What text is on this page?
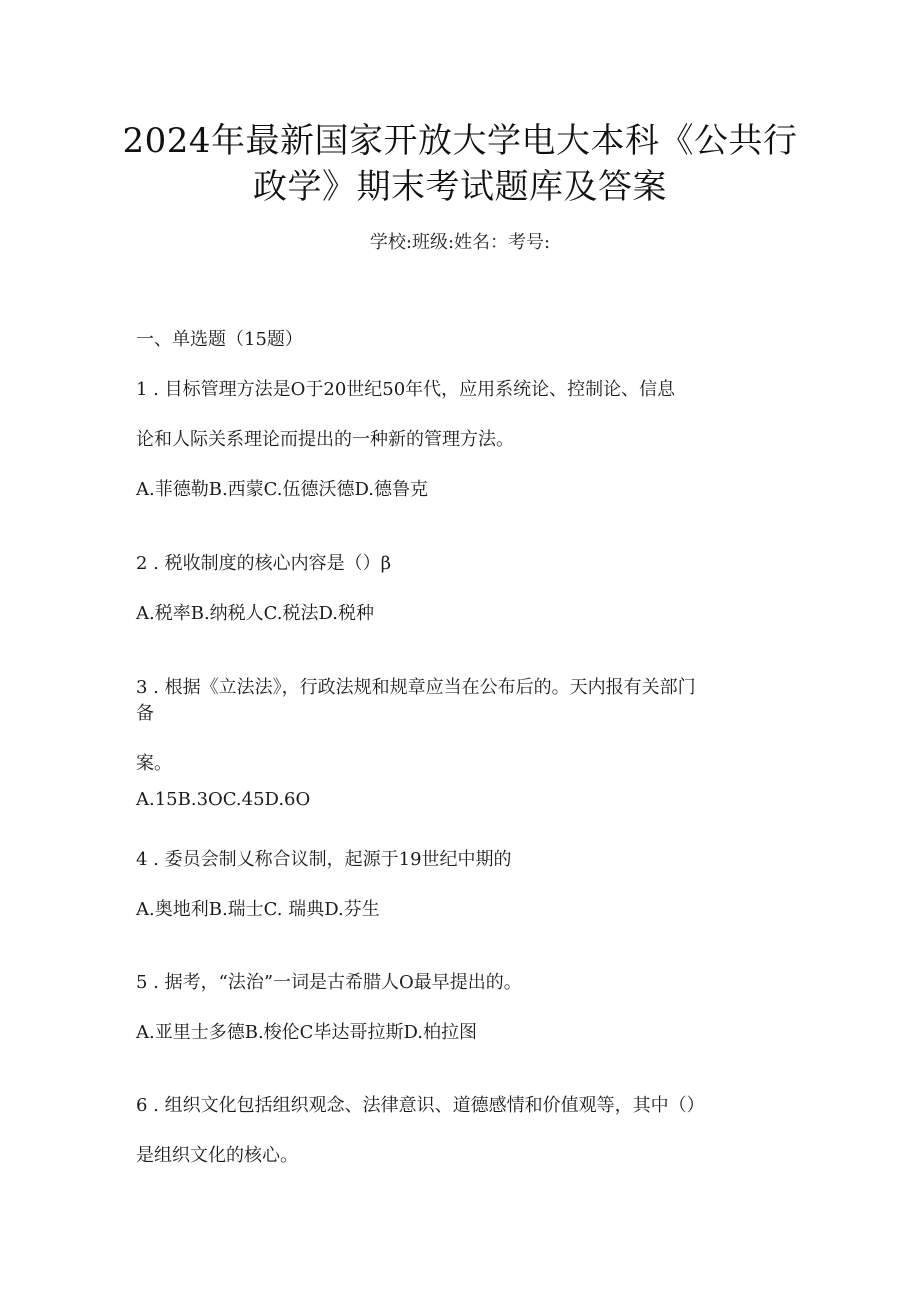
2024年最新国家开放大学电大本科《公共行
政学》期末考试题库及答案
学校:班级:姓名：考号:
一、单选题（15题）
1 . 目标管理方法是O于20世纪50年代，应用系统论、控制论、信息
论和人际关系理论而提出的一种新的管理方法。
A.菲德勒B.西蒙C.伍德沃德D.德鲁克
2 . 税收制度的核心内容是（）β
A.税率B.纳税人C.税法D.税种
3 . 根据《立法法》，行政法规和规章应当在公布后的。天内报有关部门
备
案。
A.15B.3OC.45D.6O
4 . 委员会制乂称合议制，起源于19世纪中期的
A.奥地利B.瑞士C. 瑞典D.芬生
5 . 据考，“法治”一词是古希腊人O最早提出的。
A.亚里士多德B.梭伦C毕达哥拉斯D.柏拉图
6 . 组织文化包括组织观念、法律意识、道德感情和价值观等，其中（）
是组织文化的核心。
